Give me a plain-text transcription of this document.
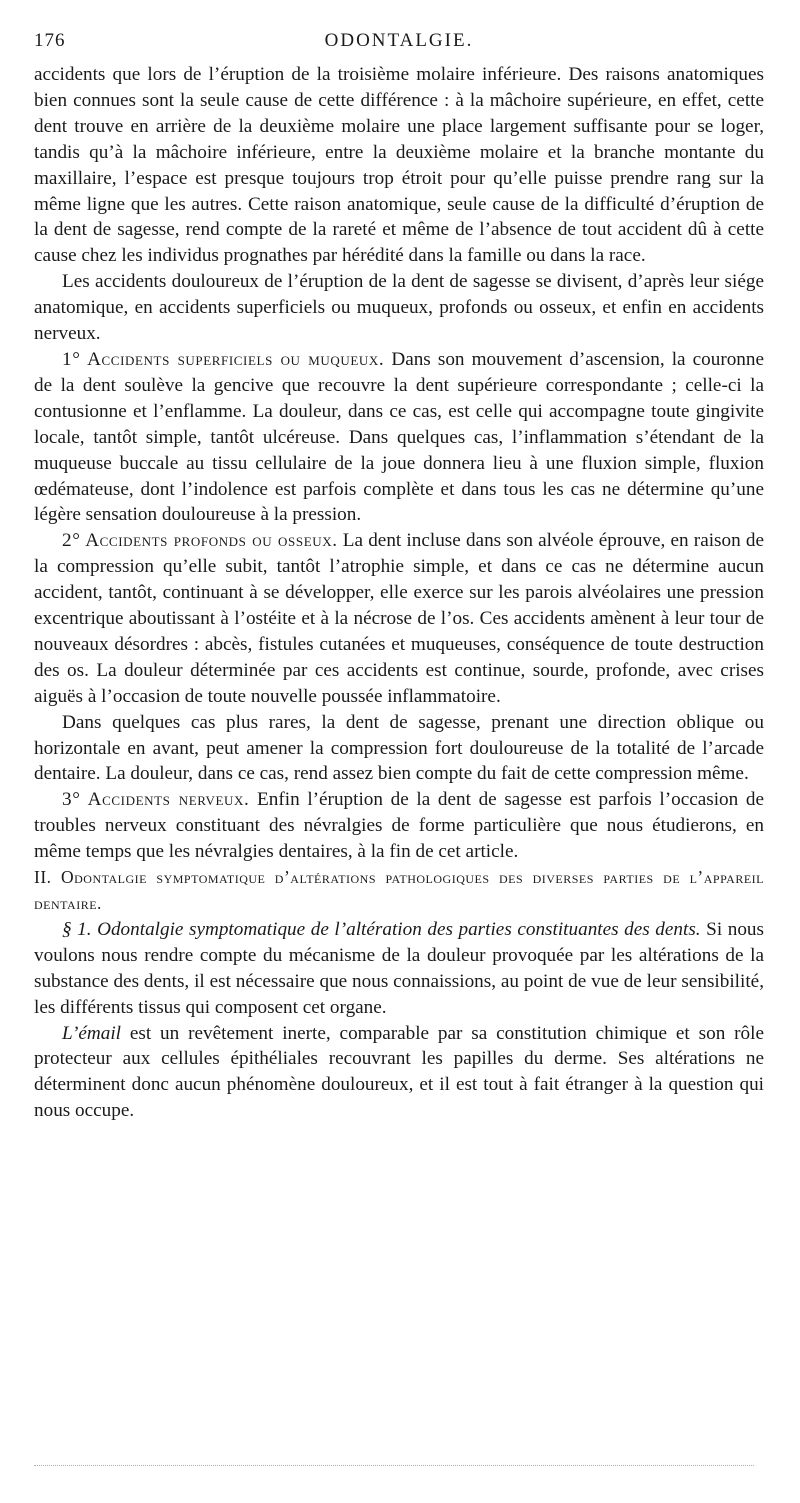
176	ODONTALGIE.

accidents que lors de l’éruption de la troisième molaire inférieure. Des raisons anatomiques bien connues sont la seule cause de cette différence : à la mâchoire supérieure, en effet, cette dent trouve en arrière de la deuxième molaire une place largement suffisante pour se loger, tandis qu’à la mâchoire inférieure, entre la deuxième molaire et la branche montante du maxillaire, l’espace est presque toujours trop étroit pour qu’elle puisse prendre rang sur la même ligne que les autres. Cette raison anatomique, seule cause de la difficulté d’éruption de la dent de sagesse, rend compte de la rareté et même de l’absence de tout accident dû à cette cause chez les individus prognathes par hérédité dans la famille ou dans la race.

Les accidents douloureux de l’éruption de la dent de sagesse se divisent, d’après leur siége anatomique, en accidents superficiels ou muqueux, profonds ou osseux, et enfin en accidents nerveux.

1° Accidents superficiels ou muqueux. Dans son mouvement d’ascension, la couronne de la dent soulève la gencive que recouvre la dent supérieure correspondante ; celle-ci la contusionne et l’enflamme. La douleur, dans ce cas, est celle qui accompagne toute gingivite locale, tantôt simple, tantôt ulcéreuse. Dans quelques cas, l’inflammation s’étendant de la muqueuse buccale au tissu cellulaire de la joue donnera lieu à une fluxion simple, fluxion œdémateuse, dont l’indolence est parfois complète et dans tous les cas ne détermine qu’une légère sensation douloureuse à la pression.

2° Accidents profonds ou osseux. La dent incluse dans son alvéole éprouve, en raison de la compression qu’elle subit, tantôt l’atrophie simple, et dans ce cas ne détermine aucun accident, tantôt, continuant à se développer, elle exerce sur les parois alvéolaires une pression excentrique aboutissant à l’ostéite et à la nécrose de l’os. Ces accidents amènent à leur tour de nouveaux désordres : abcès, fistules cutanées et muqueuses, conséquence de toute destruction des os. La douleur déterminée par ces accidents est continue, sourde, profonde, avec crises aiguës à l’occasion de toute nouvelle poussée inflammatoire.

Dans quelques cas plus rares, la dent de sagesse, prenant une direction oblique ou horizontale en avant, peut amener la compression fort douloureuse de la totalité de l’arcade dentaire. La douleur, dans ce cas, rend assez bien compte du fait de cette compression même.

3° Accidents nerveux. Enfin l’éruption de la dent de sagesse est parfois l’occasion de troubles nerveux constituant des névralgies de forme particulière que nous étudierons, en même temps que les névralgies dentaires, à la fin de cet article.

II. Odontalgie symptomatique d’altérations pathologiques des diverses parties de l’appareil dentaire.

§ 1. Odontalgie symptomatique de l’altération des parties constituantes des dents. Si nous voulons nous rendre compte du mécanisme de la douleur provoquée par les altérations de la substance des dents, il est nécessaire que nous connaissions, au point de vue de leur sensibilité, les différents tissus qui composent cet organe.

L’émail est un revêtement inerte, comparable par sa constitution chimique et son rôle protecteur aux cellules épithéliales recouvrant les papilles du derme. Ses altérations ne déterminent donc aucun phénomène douloureux, et il est tout à fait étranger à la question qui nous occupe.
